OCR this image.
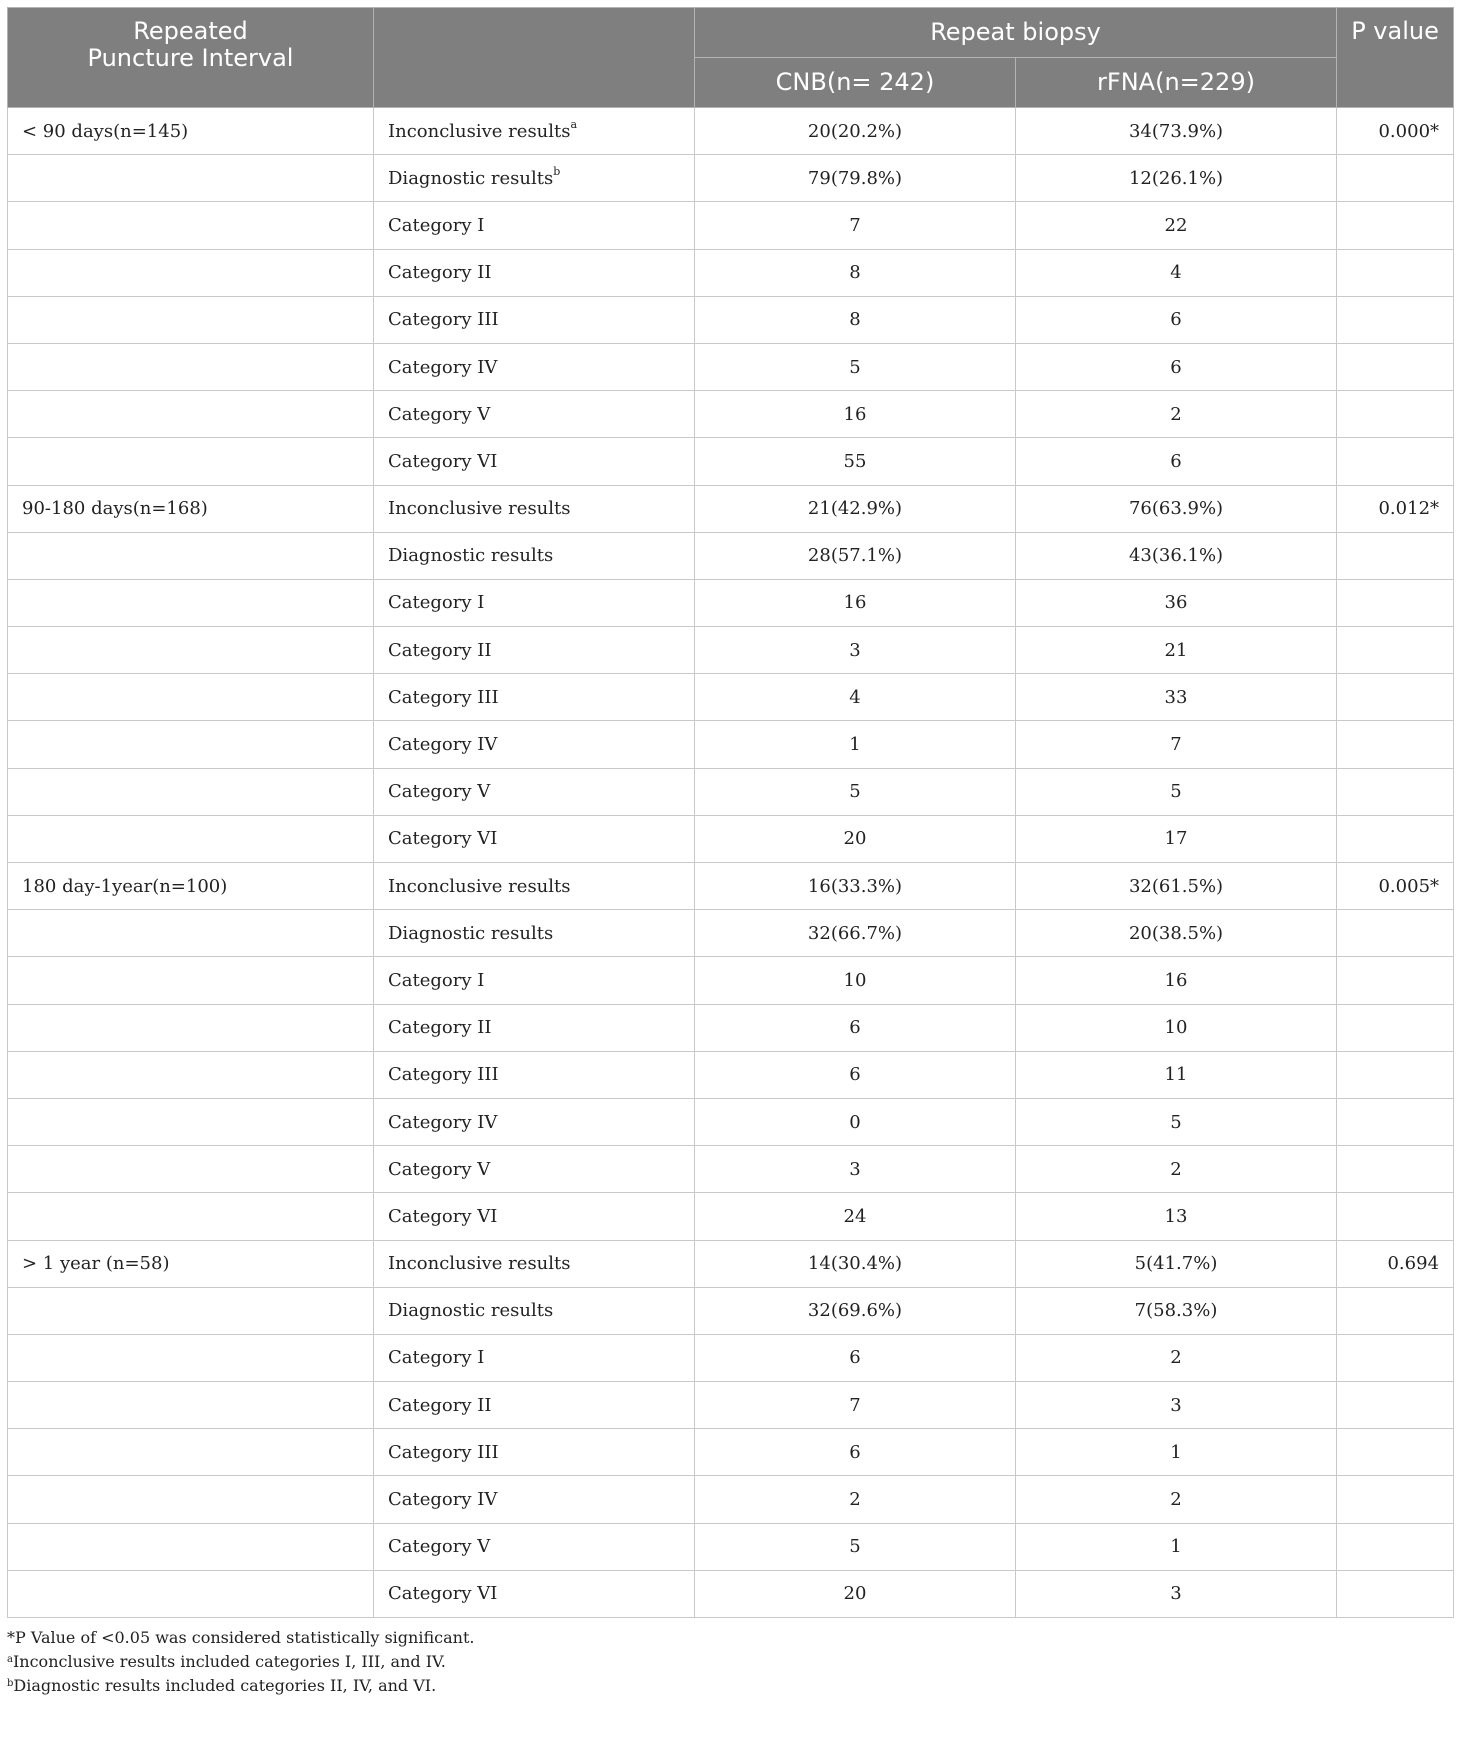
Repeated
Puncture Interval		Repeat biopsy		P value
		CNB(n= 242)	rFNA(n=229)	
< 90 days(n=145)	Inconclusive results$^a$	20(20.2%)	34(73.9%)	0.000*
	Diagnostic results$^b$	79(79.8%)	12(26.1%)	
	Category I	7	22	
	Category II	8	4	
	Category III	8	6	
	Category IV	5	6	
	Category V	16	2	
	Category VI	55	6	
90-180 days(n=168)	Inconclusive results	21(42.9%)	76(63.9%)	0.012*
	Diagnostic results	28(57.1%)	43(36.1%)	
	Category I	16	36	
	Category II	3	21	
	Category III	4	33	
	Category IV	1	7	
	Category V	5	5	
	Category VI	20	17	
180 day-1year(n=100)	Inconclusive results	16(33.3%)	32(61.5%)	0.005*
	Diagnostic results	32(66.7%)	20(38.5%)	
	Category I	10	16	
	Category II	6	10	
	Category III	6	11	
	Category IV	0	5	
	Category V	3	2	
	Category VI	24	13	
> 1 year (n=58)	Inconclusive results	14(30.4%)	5(41.7%)	0.694
	Diagnostic results	32(69.6%)	7(58.3%)	
	Category I	6	2	
	Category II	7	3	
	Category III	6	1	
	Category IV	2	2	
	Category V	5	1	
	Category VI	20	3	
*P Value of <0.05 was considered statistically significant.
$^a$Inconclusive results included categories I, III, and IV.
$^b$Diagnostic results included categories II, IV, and VI.
